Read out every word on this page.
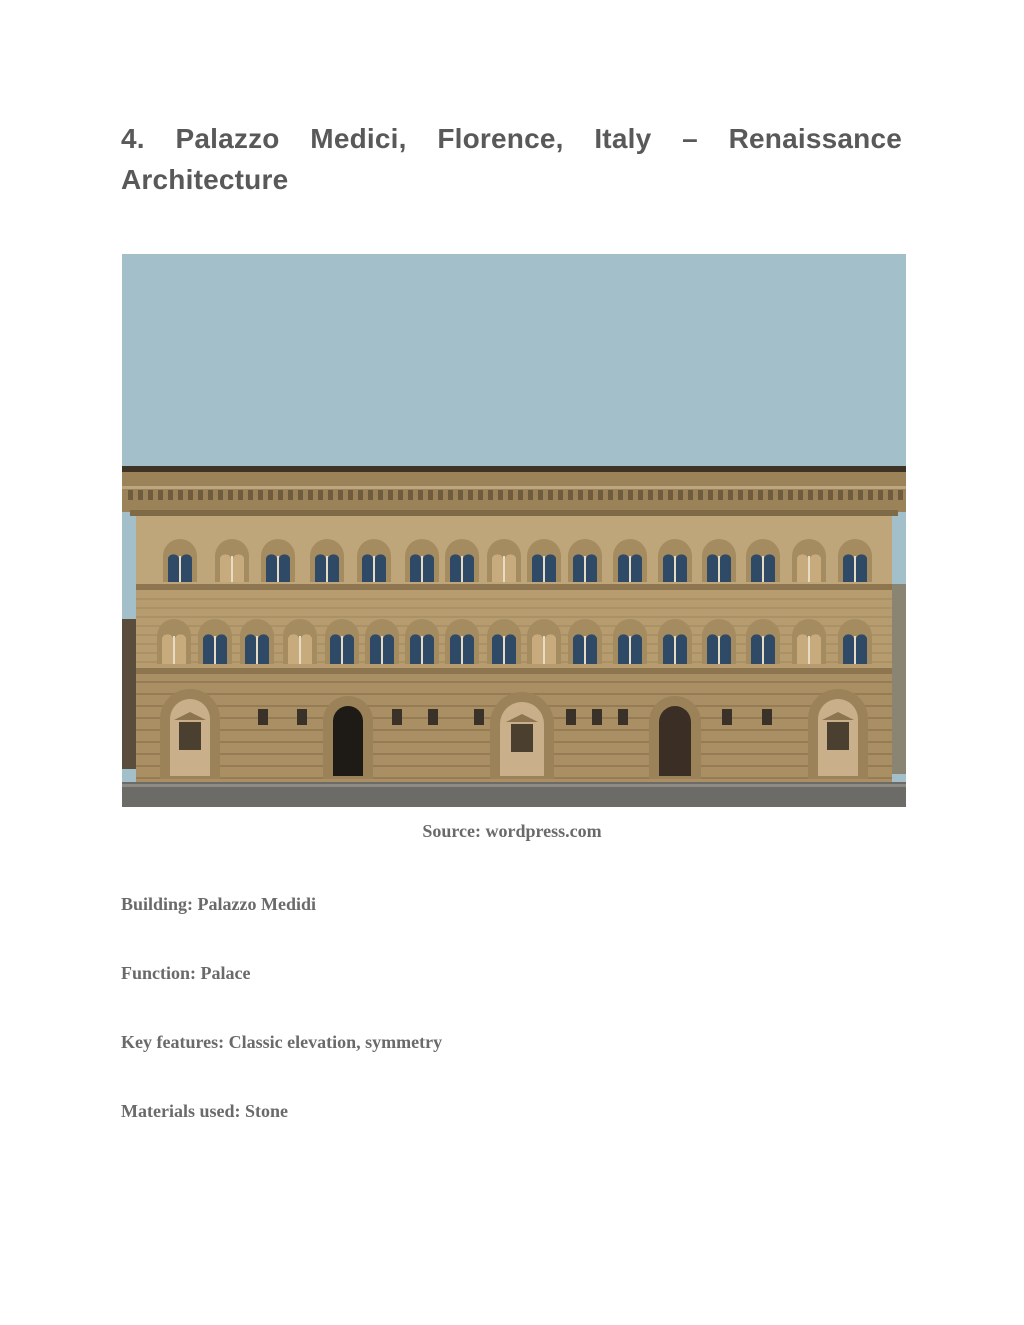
4. Palazzo Medici, Florence, Italy – Renaissance Architecture
Source: wordpress.com
Building: Palazzo Medidi
Function: Palace
Key features: Classic elevation, symmetry
Materials used: Stone
